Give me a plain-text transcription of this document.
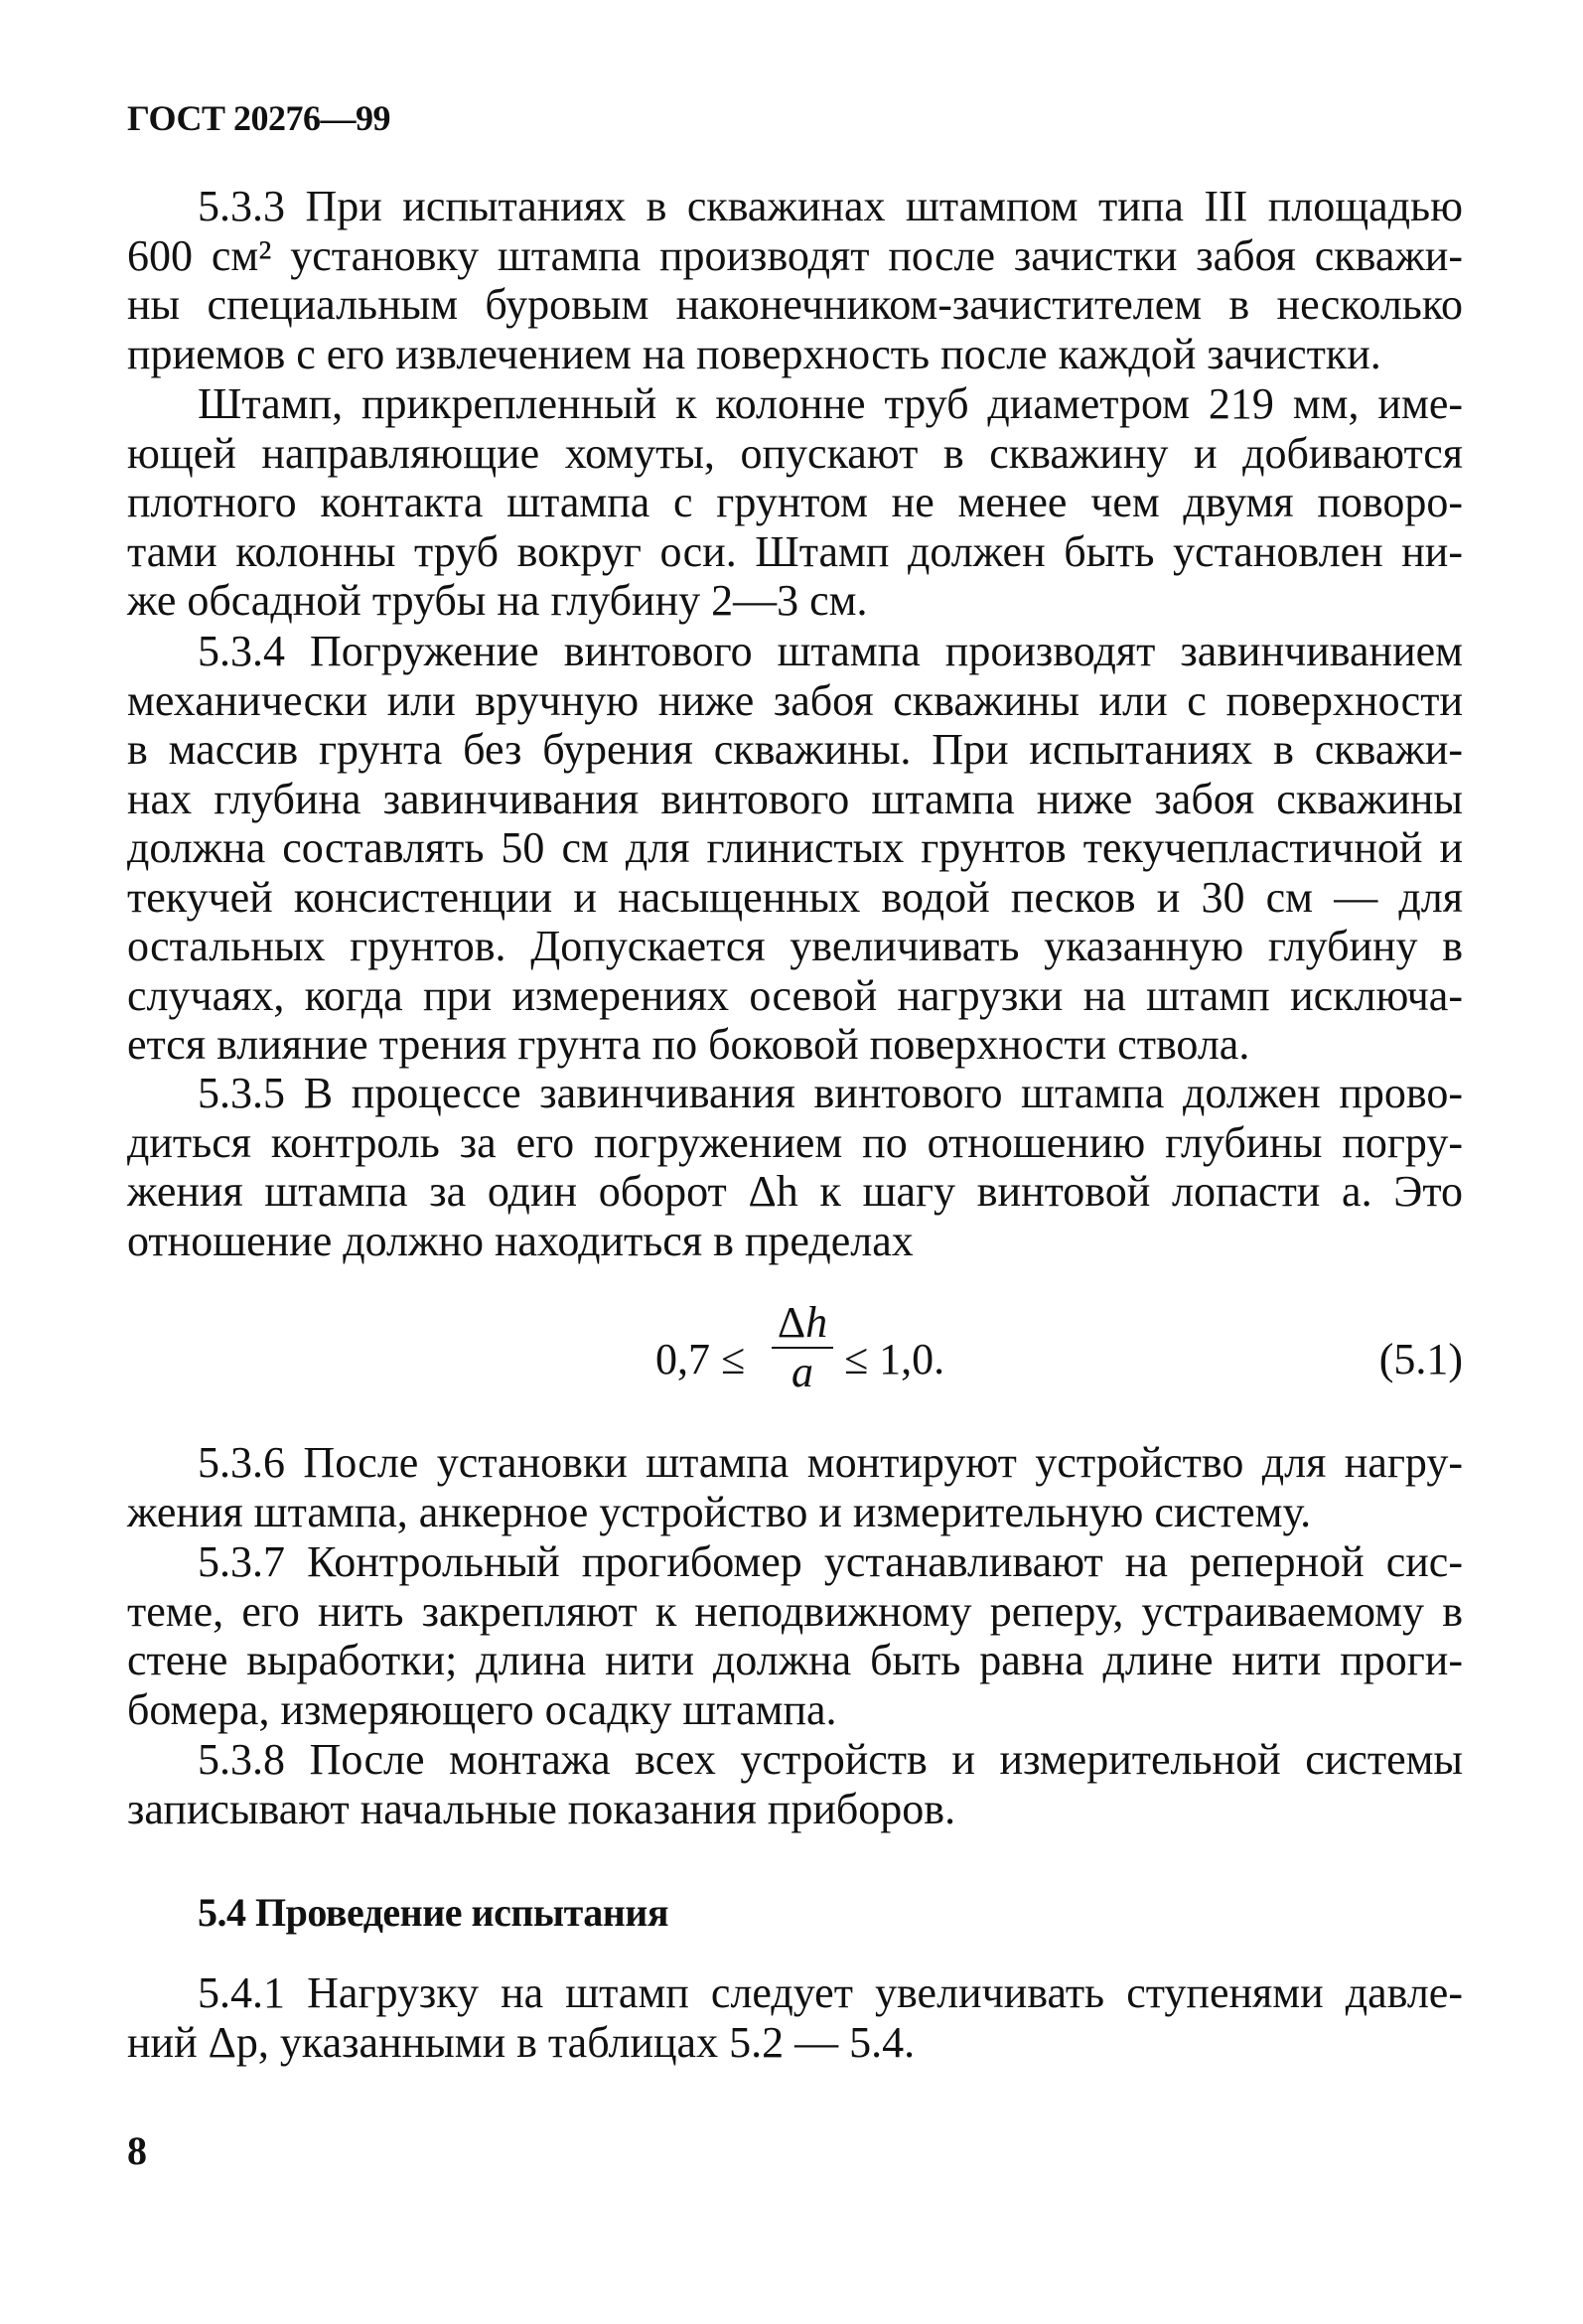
ГОСТ 20276—99
5.3.3 При испытаниях в скважинах штампом типа III площадью
600 см² установку штампа производят после зачистки забоя скважи-
ны специальным буровым наконечником-зачистителем в несколько
приемов с его извлечением на поверхность после каждой зачистки.
Штамп, прикрепленный к колонне труб диаметром 219 мм, име-
ющей направляющие хомуты, опускают в скважину и добиваются
плотного контакта штампа с грунтом не менее чем двумя поворо-
тами колонны труб вокруг оси. Штамп должен быть установлен ни-
же обсадной трубы на глубину 2—3 см.
5.3.4 Погружение винтового штампа производят завинчиванием
механически или вручную ниже забоя скважины или с поверхности
в массив грунта без бурения скважины. При испытаниях в скважи-
нах глубина завинчивания винтового штампа ниже забоя скважины
должна составлять 50 см для глинистых грунтов текучепластичной и
текучей консистенции и насыщенных водой песков и 30 см — для
остальных грунтов. Допускается увеличивать указанную глубину в
случаях, когда при измерениях осевой нагрузки на штамп исключа-
ется влияние трения грунта по боковой поверхности ствола.
5.3.5 В процессе завинчивания винтового штампа должен прово-
диться контроль за его погружением по отношению глубины погру-
жения штампа за один оборот Δh к шагу винтовой лопасти a. Это
отношение должно находиться в пределах
$0,7 \le \frac{\Delta h}{a} \le 1,0$.	(5.1)
5.3.6 После установки штампа монтируют устройство для нагру-
жения штампа, анкерное устройство и измерительную систему.
5.3.7 Контрольный прогибомер устанавливают на реперной сис-
теме, его нить закрепляют к неподвижному реперу, устраиваемому в
стене выработки; длина нити должна быть равна длине нити проги-
бомера, измеряющего осадку штампа.
5.3.8 После монтажа всех устройств и измерительной системы
записывают начальные показания приборов.
5.4 Проведение испытания
5.4.1 Нагрузку на штамп следует увеличивать ступенями давле-
ний Δp, указанными в таблицах 5.2 — 5.4.
8
